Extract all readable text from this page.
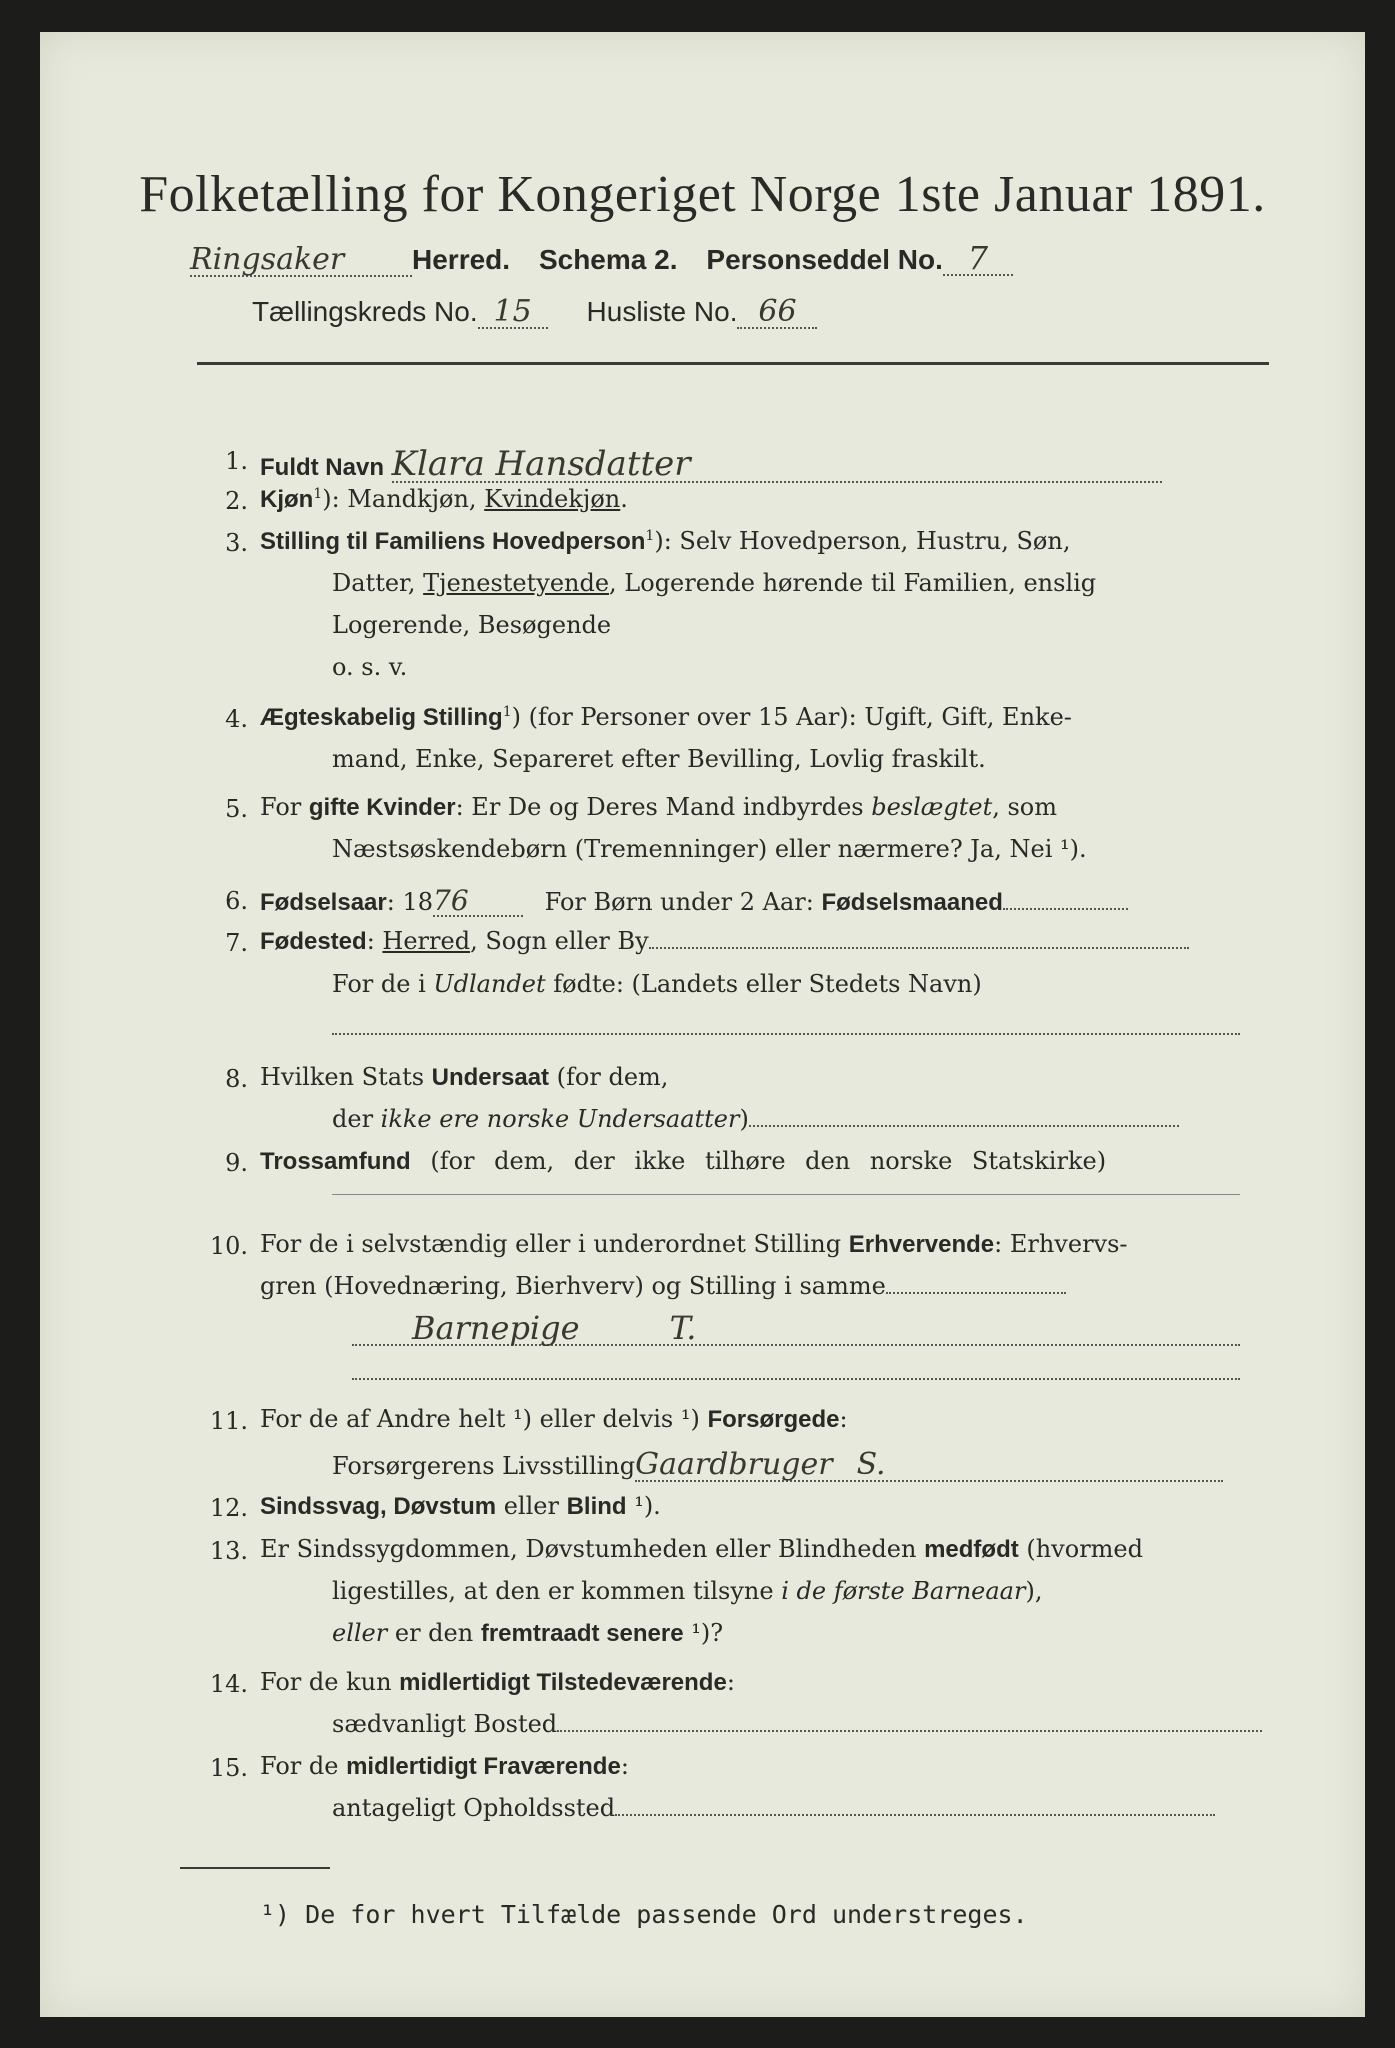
Folketælling for Kongeriget Norge 1ste Januar 1891.
Ringsaker Herred. Schema 2. Personseddel No. 7
Tællingskreds No. 15 Husliste No. 66
1. Fuldt Navn Klara Hansdatter
2. Kjøn$^1$): Mandkjøn, Kvindekjøn.
3. Stilling til Familiens Hovedperson$^1$): Selv Hovedperson, Hustru, Søn,
Datter, Tjenestetyende, Logerende hørende til Familien, enslig
Logerende, Besøgende
o. s. v.
4. Ægteskabelig Stilling$^1$) (for Personer over 15 Aar): Ugift, Gift, Enke-
mand, Enke, Separeret efter Bevilling, Lovlig fraskilt.
5. For gifte Kvinder: Er De og Deres Mand indbyrdes beslægtet, som
Næstsøskendebørn (Tremenninger) eller nærmere? Ja, Nei ¹).
6. Fødselsaar: 1876	For Børn under 2 Aar: Fødselsmaaned
7. Fødested: Herred, Sogn eller By
For de i Udlandet fødte: (Landets eller Stedets Navn)
8. Hvilken Stats Undersaat (for dem,
der ikke ere norske Undersaatter)
9. Trossamfund (for dem, der ikke tilhøre den norske Statskirke)
10. For de i selvstændig eller i underordnet Stilling Erhvervende: Erhvervs-
gren (Hovednæring, Bierhverv) og Stilling i samme
Barnepige	T.
11. For de af Andre helt ¹) eller delvis ¹) Forsørgede:
Forsørgerens LivsstillingGaardbruger S.
12. Sindssvag, Døvstum eller Blind ¹).
13. Er Sindssygdommen, Døvstumheden eller Blindheden medfødt (hvormed
ligestilles, at den er kommen tilsyne i de første Barneaar),
eller er den fremtraadt senere ¹)?
14. For de kun midlertidigt Tilstedeværende:
sædvanligt Bosted
15. For de midlertidigt Fraværende:
antageligt Opholdssted
¹) De for hvert Tilfælde passende Ord understreges.
